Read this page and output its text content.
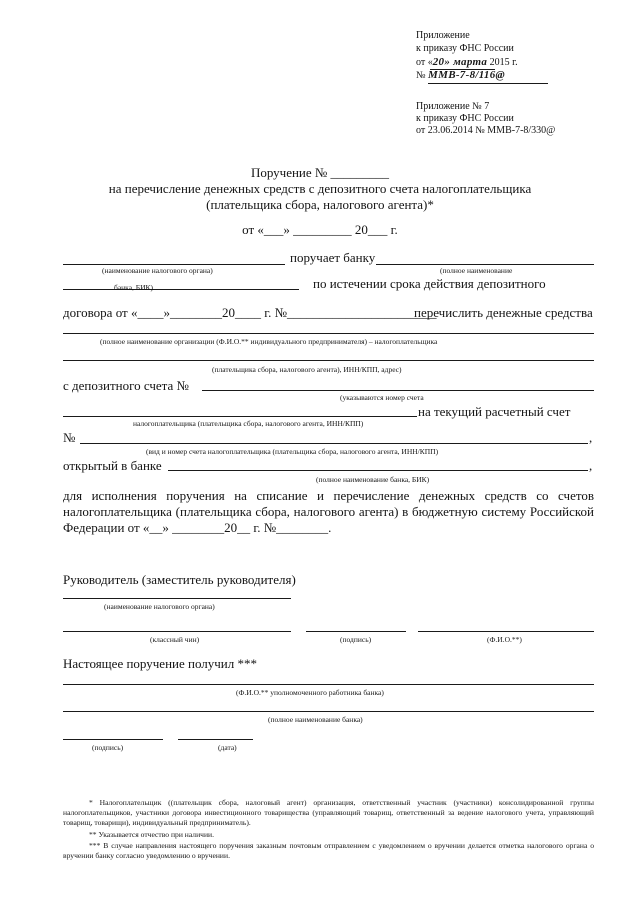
Приложение
к приказу ФНС России
от «20» марта 2015 г.
№ ММВ-7-8/116@
Приложение № 7
к приказу ФНС России
от 23.06.2014 № ММВ-7-8/330@
Поручение № _________
на перечисление денежных средств с депозитного счета налогоплательщика
(плательщика сбора, налогового агента)*
от «___» _________ 20___ г.
поручает банку
(наименование налогового органа)	(полное наименование
банка, БИК)	по истечении срока действия депозитного
договора от «____»________20____ г. №_______________________
перечислить денежные средства
(полное наименование организации (Ф.И.О.** индивидуального предпринимателя) – налогоплательщика
(плательщика сбора, налогового агента), ИНН/КПП, адрес)
с депозитного счета №
(указываются номер счета
на текущий расчетный счет
налогоплательщика (плательщика сбора, налогового агента, ИНН/КПП)
№	,
(вид и номер счета налогоплательщика (плательщика сбора, налогового агента, ИНН/КПП)
открытый в банке	,
(полное наименование банка, БИК)
для исполнения поручения на списание и перечисление денежных средств со счетов налогоплательщика (плательщика сбора, налогового агента) в бюджетную систему Российской Федерации от «__» ________20__ г. №________.
Руководитель (заместитель руководителя)
(наименование налогового органа)
(классный чин)	(подпись)	(Ф.И.О.**)
Настоящее поручение получил ***
(Ф.И.О.** уполномоченного работника банка)
(полное наименование банка)
(подпись)	(дата)
* Налогоплательщик ((плательщик сбора, налоговый агент) организация, ответственный участник (участники) консолидированной группы налогоплательщиков, участники договора инвестиционного товарищества (управляющий товарищ, ответственный за ведение налогового учета, управляющий товарищ, товарищи), индивидуальный предприниматель).
** Указывается отчество при наличии.
*** В случае направления настоящего поручения заказным почтовым отправлением с уведомлением о вручении делается отметка налогового органа о вручении банку согласно уведомлению о вручении.
